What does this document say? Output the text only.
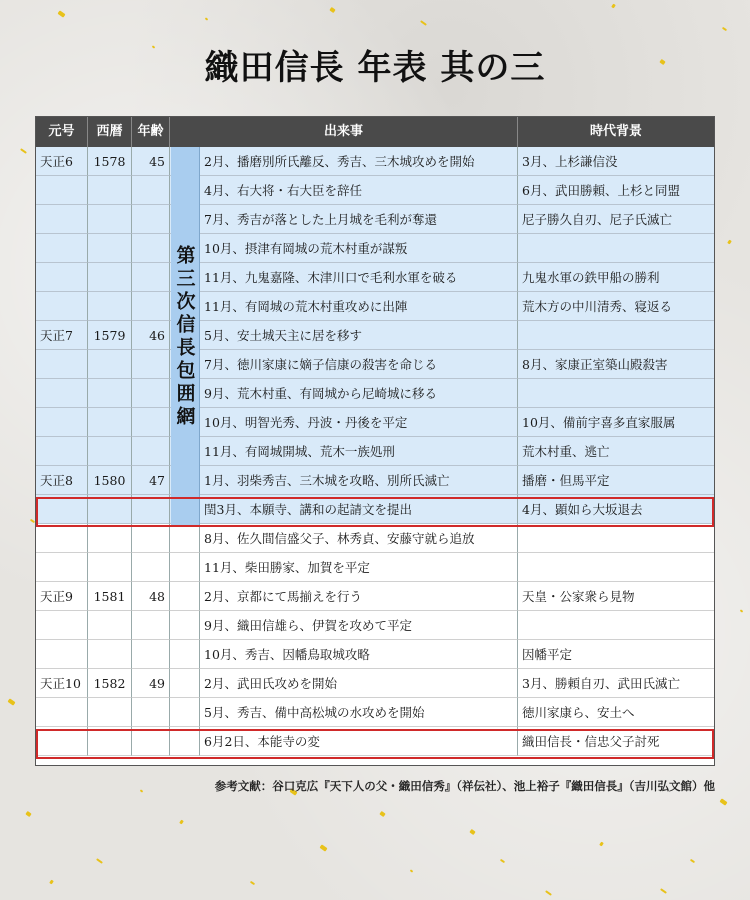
織田信長 年表 其の三
元号	西暦	年齢	出来事	時代背景
天正6	1578	45	2月、播磨別所氏離反、秀吉、三木城攻めを開始	3月、上杉謙信没
4月、右大将・右大臣を辞任	6月、武田勝頼、上杉と同盟
7月、秀吉が落とした上月城を毛利が奪還	尼子勝久自刃、尼子氏滅亡
10月、摂津有岡城の荒木村重が謀叛
11月、九鬼嘉隆、木津川口で毛利水軍を破る	九鬼水軍の鉄甲船の勝利
11月、有岡城の荒木村重攻めに出陣	荒木方の中川清秀、寝返る
天正7	1579	46	5月、安土城天主に居を移す
7月、徳川家康に嫡子信康の殺害を命じる	8月、家康正室築山殿殺害
9月、荒木村重、有岡城から尼崎城に移る
10月、明智光秀、丹波・丹後を平定	10月、備前宇喜多直家服属
11月、有岡城開城、荒木一族処刑	荒木村重、逃亡
天正8	1580	47	1月、羽柴秀吉、三木城を攻略、別所氏滅亡	播磨・但馬平定
閏3月、本願寺、講和の起請文を提出	4月、顕如ら大坂退去
8月、佐久間信盛父子、林秀貞、安藤守就ら追放
11月、柴田勝家、加賀を平定
天正9	1581	48	2月、京都にて馬揃えを行う	天皇・公家衆ら見物
9月、織田信雄ら、伊賀を攻めて平定
10月、秀吉、因幡鳥取城攻略	因幡平定
天正10	1582	49	2月、武田氏攻めを開始	3月、勝頼自刃、武田氏滅亡
5月、秀吉、備中高松城の水攻めを開始	徳川家康ら、安土へ
6月2日、本能寺の変	織田信長・信忠父子討死
第三次信長包囲網
参考文献：谷口克広『天下人の父・織田信秀』（祥伝社）、池上裕子『織田信長』（吉川弘文館）他
